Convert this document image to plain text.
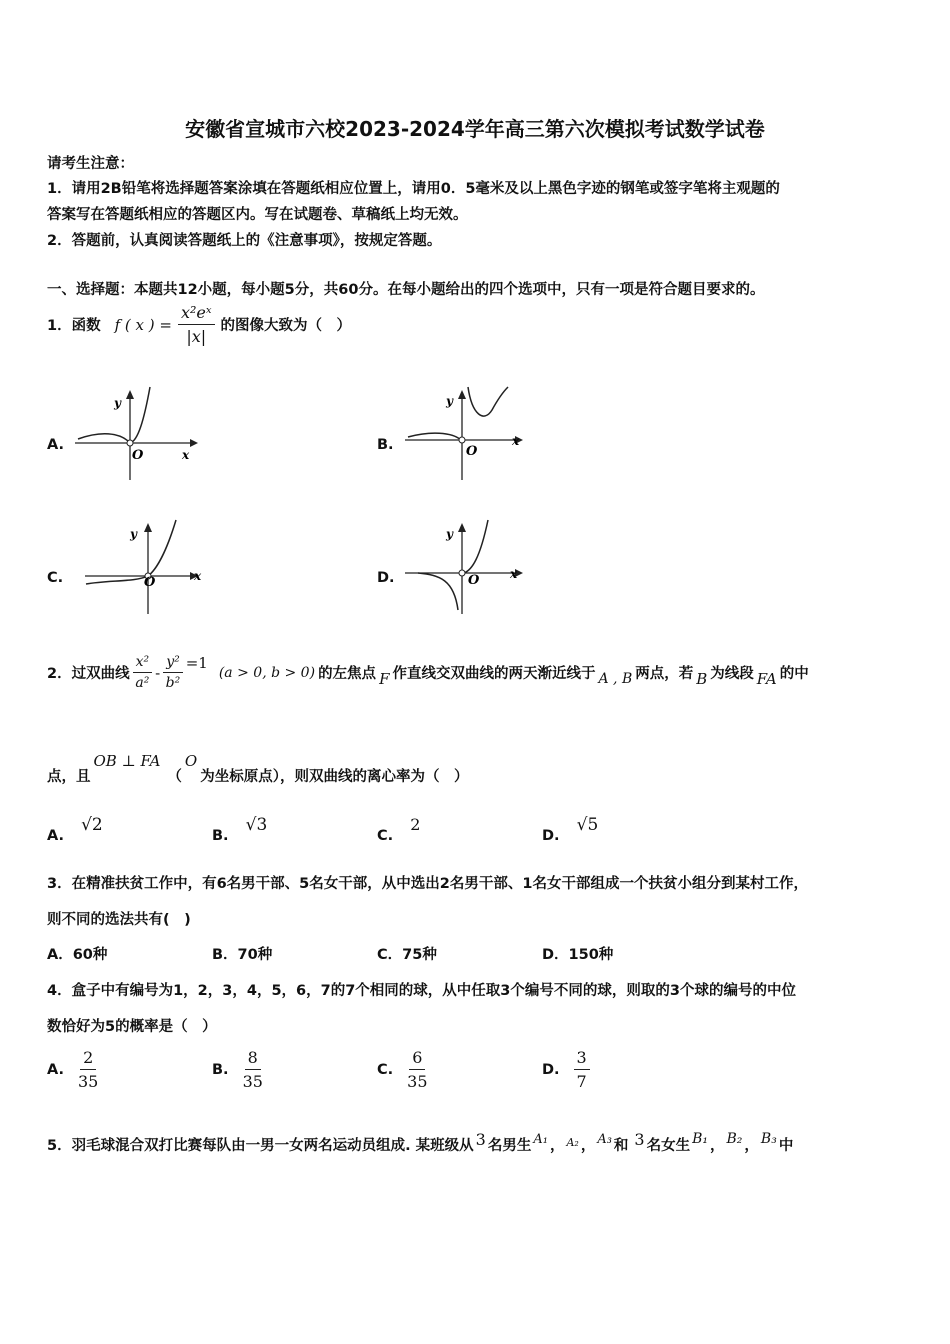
安徽省宣城市六校2023-2024学年高三第六次模拟考试数学试卷
请考生注意：
1．请用2B铅笔将选择题答案涂填在答题纸相应位置上，请用0．5毫米及以上黑色字迹的钢笔或签字笔将主观题的
答案写在答题纸相应的答题区内。写在试题卷、草稿纸上均无效。
2．答题前，认真阅读答题纸上的《注意事项》，按规定答题。
一、选择题：本题共12小题，每小题5分，共60分。在每小题给出的四个选项中，只有一项是符合题目要求的。
1．函数 f ( x ) = $\frac{\text{x²eˣ}}{|x|}$ 的图像大致为（　）
A.	B.
C.	D.
y
x
O
y
x
O
y
x
O
y
x
O
2．过双曲线 $\frac{\text{x²}}{\text{a²}} - \frac{\text{y²}}{\text{b²}} =1$
(a > 0, b > 0) 的左焦点 F 作直线交双曲线的两天渐近线于 A , B 两点，若 B 为线段 FA 的中
点，且
OB ⊥ FA
（
O
为坐标原点），则双曲线的离心率为（　）
A. √2
B. √3
C. 2
D. √5
3．在精准扶贫工作中，有6名男干部、5名女干部，从中选出2名男干部、1名女干部组成一个扶贫小组分到某村工作，
则不同的选法共有(　)
A．60种	B．70种	C．75种	D．150种
4．盒子中有编号为1，2，3，4，5，6，7的7个相同的球，从中任取3个编号不同的球，则取的3个球的编号的中位
数恰好为5的概率是（　）
A. $\frac{2}{35}$	B. $\frac{8}{35}$	C. $\frac{6}{35}$	D. $\frac{3}{7}$
5．羽毛球混合双打比赛每队由一男一女两名运动员组成. 某班级从 3 名男生 A₁ ， A₂ ， A₃ 和 3 名女生 B₁ ， B₂ ， B₃ 中
